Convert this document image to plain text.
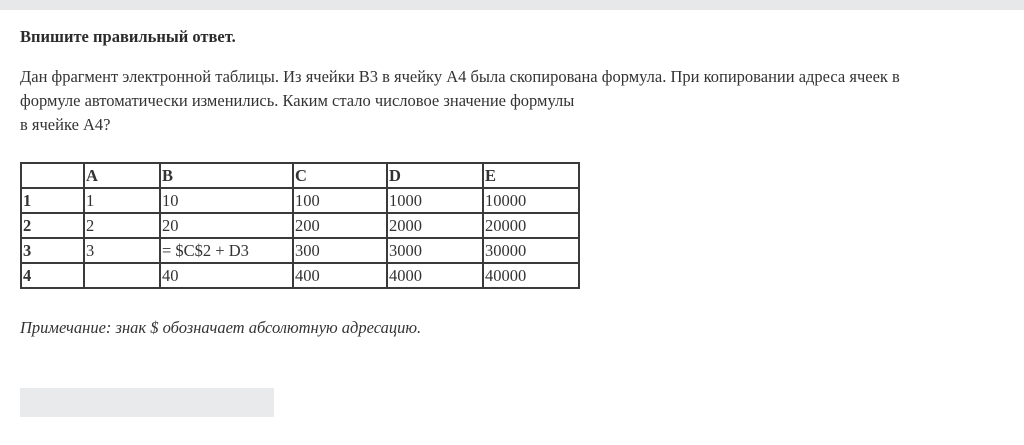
Впишите правильный ответ.

Дан фрагмент электронной таблицы. Из ячейки B3 в ячейку A4 была скопирована формула. При копировании адреса ячеек в
формуле автоматически изменились. Каким стало числовое значение формулы
в ячейке A4?

	A	B	C	D	E
1	1	10	100	1000	10000
2	2	20	200	2000	20000
3	3	= $C$2 + D3	300	3000	30000
4		40	400	4000	40000
Примечание: знак $ обозначает абсолютную адресацию.
